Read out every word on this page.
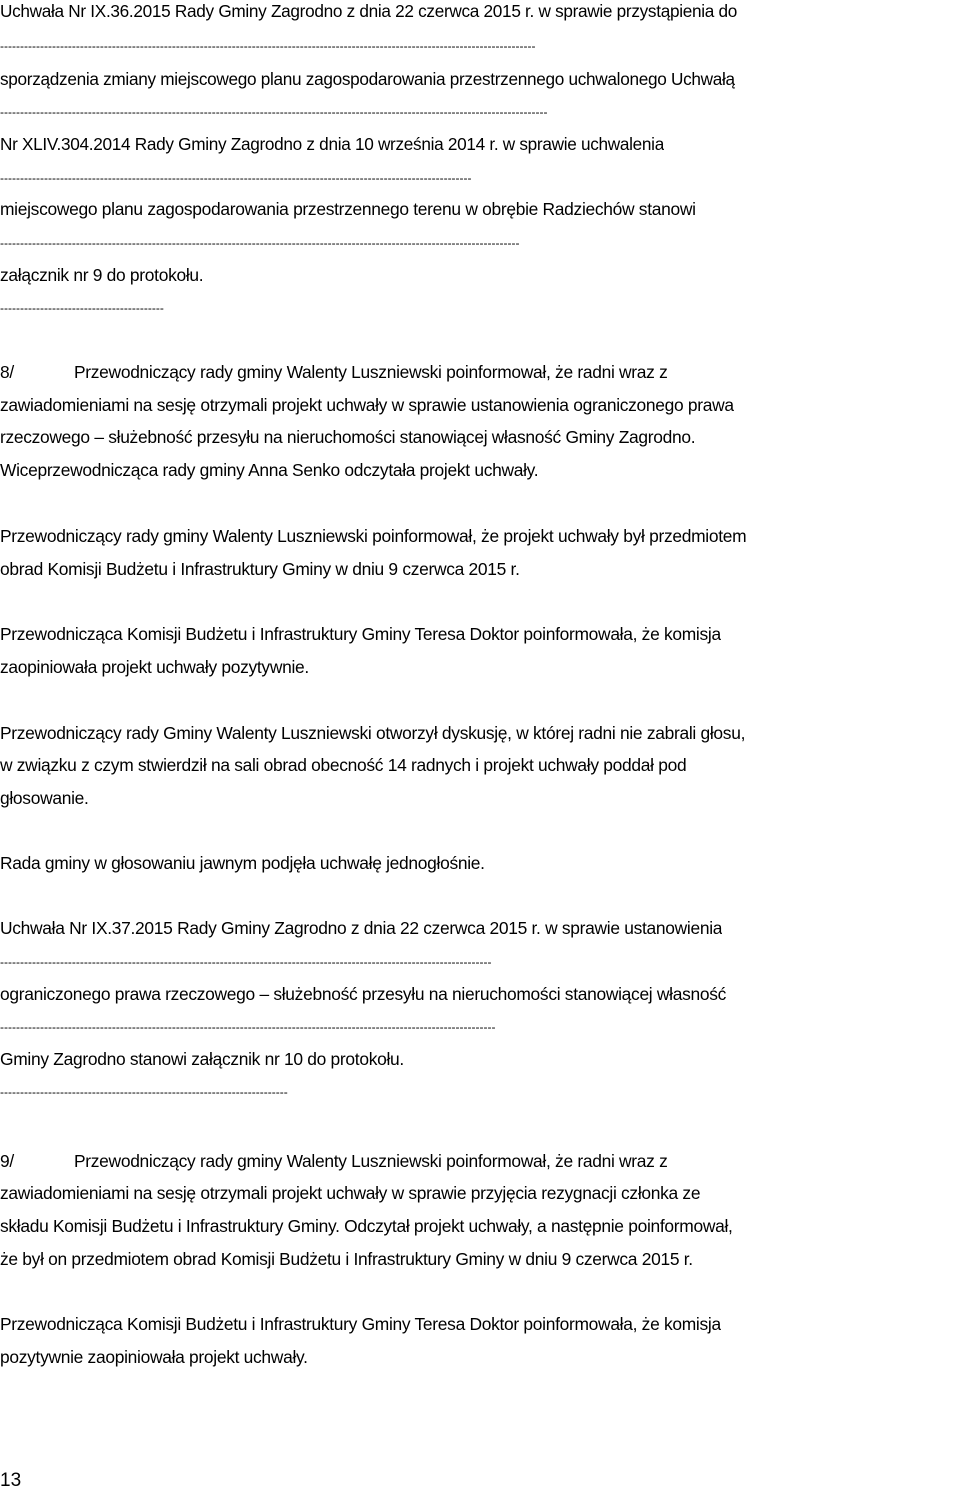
Uchwała Nr IX.36.2015 Rady Gminy Zagrodno z dnia 22 czerwca 2015 r. w sprawie przystąpienia do

--------------------------------------------------------------------------------------------------------------------------------------

sporządzenia zmiany miejscowego planu zagospodarowania przestrzennego uchwalonego Uchwałą

-----------------------------------------------------------------------------------------------------------------------------------------

Nr XLIV.304.2014 Rady Gminy Zagrodno z dnia 10 września 2014 r. w sprawie uchwalenia

----------------------------------------------------------------------------------------------------------------------

miejscowego planu zagospodarowania przestrzennego terenu w obrębie Radziechów stanowi

----------------------------------------------------------------------------------------------------------------------------------

załącznik nr 9 do protokołu.

-----------------------------------------

8/	Przewodniczący rady gminy Walenty Luszniewski poinformował, że radni wraz z

zawiadomieniami na sesję otrzymali projekt uchwały w sprawie ustanowienia ograniczonego prawa

rzeczowego – służebność przesyłu na nieruchomości stanowiącej własność Gminy Zagrodno.

Wiceprzewodnicząca rady gminy Anna Senko odczytała projekt uchwały.

Przewodniczący rady gminy Walenty Luszniewski poinformował, że projekt uchwały był przedmiotem

obrad Komisji Budżetu i Infrastruktury Gminy w dniu 9 czerwca 2015 r.

Przewodnicząca Komisji Budżetu i Infrastruktury Gminy Teresa Doktor poinformowała, że komisja

zaopiniowała projekt uchwały pozytywnie.

Przewodniczący rady Gminy Walenty Luszniewski otworzył dyskusję, w której radni nie zabrali głosu,

w związku z czym stwierdził na sali obrad obecność 14 radnych i projekt uchwały poddał pod

głosowanie.

Rada gminy w głosowaniu jawnym podjęła uchwałę jednogłośnie.

Uchwała Nr IX.37.2015 Rady Gminy Zagrodno z dnia 22 czerwca 2015 r. w sprawie ustanowienia

---------------------------------------------------------------------------------------------------------------------------

ograniczonego prawa rzeczowego – służebność przesyłu na nieruchomości stanowiącej własność

----------------------------------------------------------------------------------------------------------------------------

Gminy Zagrodno stanowi załącznik nr 10 do protokołu.

------------------------------------------------------------------------

9/	Przewodniczący rady gminy Walenty Luszniewski poinformował, że radni wraz z

zawiadomieniami na sesję otrzymali projekt uchwały w sprawie przyjęcia rezygnacji członka ze

składu Komisji Budżetu i Infrastruktury Gminy. Odczytał projekt uchwały, a następnie poinformował,

że był on przedmiotem obrad Komisji Budżetu i Infrastruktury Gminy w dniu 9 czerwca 2015 r.

Przewodnicząca Komisji Budżetu i Infrastruktury Gminy Teresa Doktor poinformowała, że komisja

pozytywnie zaopiniowała projekt uchwały.

13
